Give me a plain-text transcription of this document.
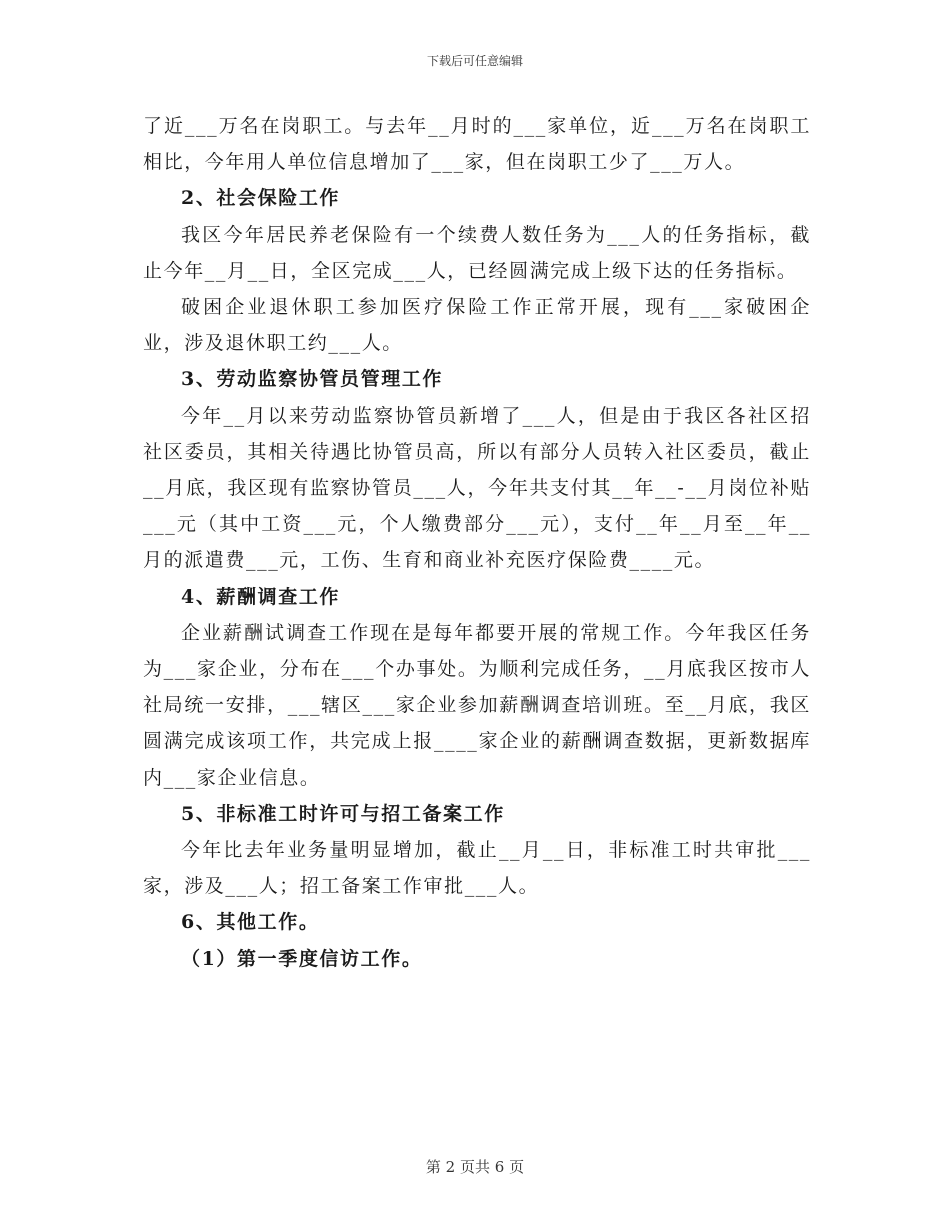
下载后可任意编辑

了近___万名在岗职工。与去年__月时的___家单位，近___万名在岗职工相比，今年用人单位信息增加了___家，但在岗职工少了___万人。

2、社会保险工作

我区今年居民养老保险有一个续费人数任务为___人的任务指标，截止今年__月__日，全区完成___人，已经圆满完成上级下达的任务指标。

破困企业退休职工参加医疗保险工作正常开展，现有___家破困企业，涉及退休职工约___人。

3、劳动监察协管员管理工作

今年__月以来劳动监察协管员新增了___人，但是由于我区各社区招社区委员，其相关待遇比协管员高，所以有部分人员转入社区委员，截止__月底，我区现有监察协管员___人，今年共支付其__年__-__月岗位补贴___元（其中工资___元，个人缴费部分___元），支付__年__月至__年__月的派遣费___元，工伤、生育和商业补充医疗保险费____元。

4、薪酬调查工作

企业薪酬试调查工作现在是每年都要开展的常规工作。今年我区任务为___家企业，分布在___个办事处。为顺利完成任务，__月底我区按市人社局统一安排，___辖区___家企业参加薪酬调查培训班。至__月底，我区圆满完成该项工作，共完成上报____家企业的薪酬调查数据，更新数据库内___家企业信息。

5、非标准工时许可与招工备案工作

今年比去年业务量明显增加，截止__月__日，非标准工时共审批___家，涉及___人；招工备案工作审批___人。

6、其他工作。

（1）第一季度信访工作。

第 2 页共 6 页
